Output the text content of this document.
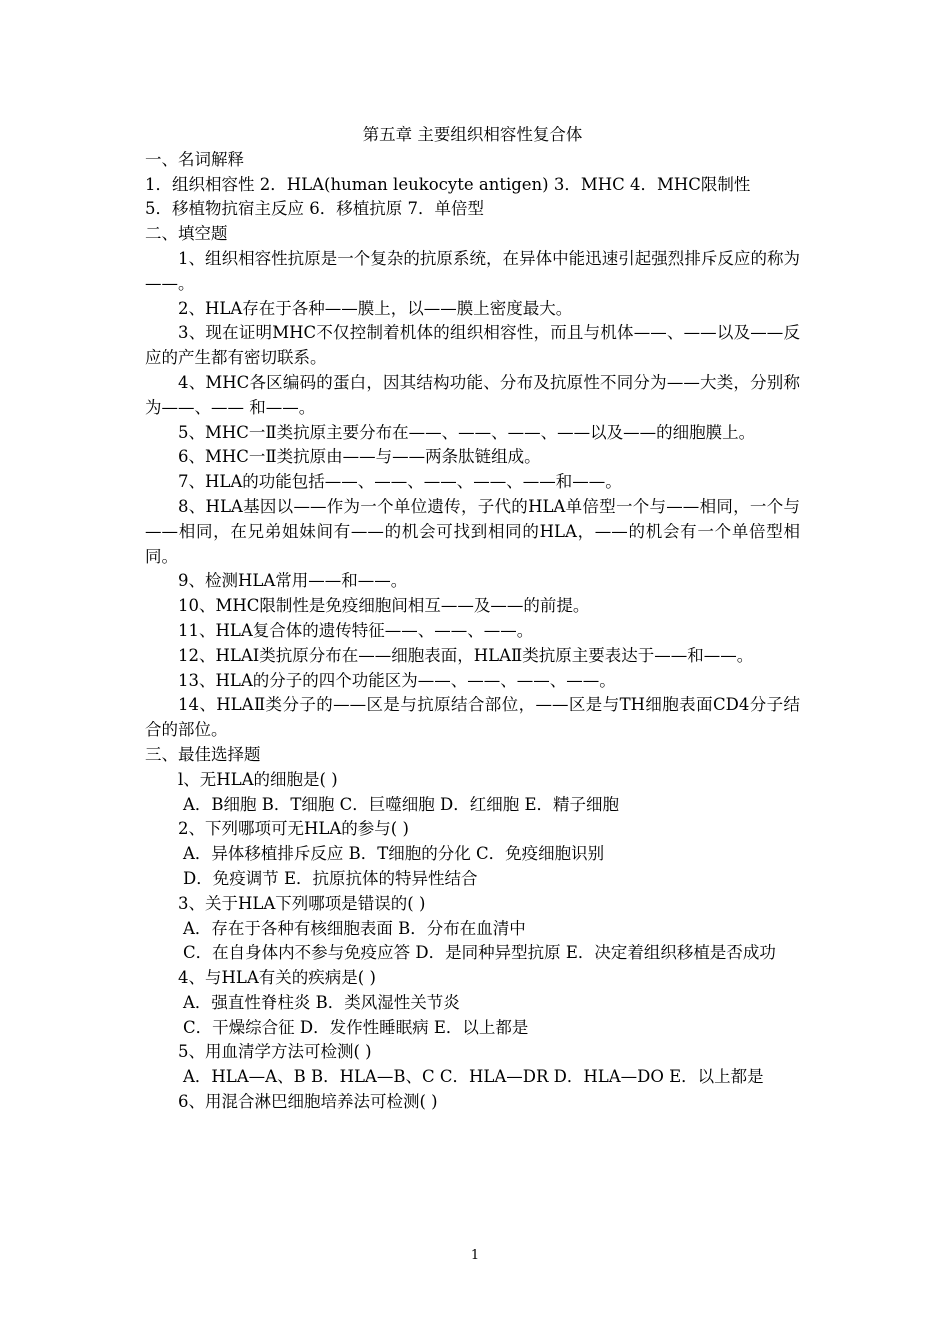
第五章 主要组织相容性复合体

一、名词解释

1．组织相容性 2．HLA(human leukocyte antigen) 3．MHC 4．MHC限制性

5．移植物抗宿主反应 6．移植抗原 7．单倍型

二、填空题

1、组织相容性抗原是一个复杂的抗原系统，在异体中能迅速引起强烈排斥反应的称为——。

2、HLA存在于各种——膜上，以——膜上密度最大。

3、现在证明MHC不仅控制着机体的组织相容性，而且与机体——、——以及——反应的产生都有密切联系。

4、MHC各区编码的蛋白，因其结构功能、分布及抗原性不同分为——大类，分别称为——、—— 和——。

5、MHC一Ⅱ类抗原主要分布在——、——、——、——以及——的细胞膜上。

6、MHC一Ⅱ类抗原由——与——两条肽链组成。

7、HLA的功能包括——、——、——、——、——和——。

8、HLA基因以——作为一个单位遗传，子代的HLA单倍型一个与——相同，一个与——相同，在兄弟姐妹间有——的机会可找到相同的HLA，——的机会有一个单倍型相同。

9、检测HLA常用——和——。

10、MHC限制性是免疫细胞间相互——及——的前提。

11、HLA复合体的遗传特征——、——、——。

12、HLAI类抗原分布在——细胞表面，HLAⅡ类抗原主要表达于——和——。

13、HLA的分子的四个功能区为——、——、——、——。

14、HLAⅡ类分子的——区是与抗原结合部位，——区是与TH细胞表面CD4分子结合的部位。

三、最佳选择题

l、无HLA的细胞是( )

A．B细胞 B．T细胞 C．巨噬细胞 D．红细胞 E．精子细胞

2、下列哪项可无HLA的参与( )

A．异体移植排斥反应 B．T细胞的分化 C．免疫细胞识别

D．免疫调节 E．抗原抗体的特异性结合

3、关于HLA下列哪项是错误的( )

A．存在于各种有核细胞表面 B．分布在血清中

C．在自身体内不参与免疫应答 D．是同种异型抗原 E．决定着组织移植是否成功

4、与HLA有关的疾病是( )

A．强直性脊柱炎 B．类风湿性关节炎

C．干燥综合征 D．发作性睡眠病 E．以上都是

5、用血清学方法可检测( )

A．HLA—A、B B．HLA—B、C C．HLA—DR D．HLA—DO E．以上都是

6、用混合淋巴细胞培养法可检测( )

1
